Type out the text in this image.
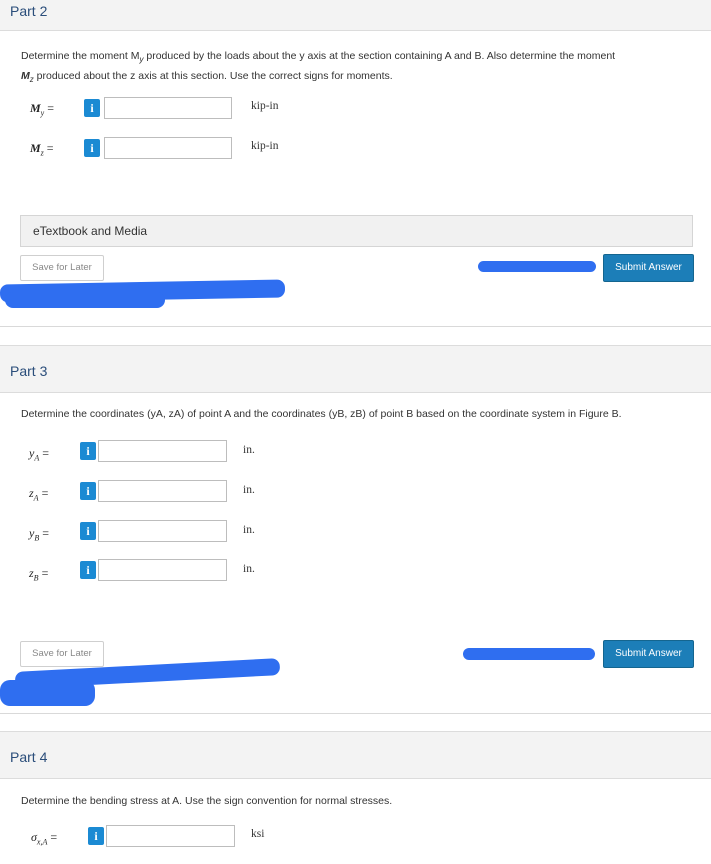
Part 2
Determine the moment $M_y$ produced by the loads about the y axis at the section containing A and B. Also determine the moment
$M_z$ produced about the z axis at this section. Use the correct signs for moments.
$M_y$ =	i	kip-in
$M_z$ =	i	kip-in
eTextbook and Media
Save for Later	Submit Answer
Part 3
Determine the coordinates (yA, zA) of point A and the coordinates (yB, zB) of point B based on the coordinate system in Figure B.
$y_A$ =	i	in.
$z_A$ =	i	in.
$y_B$ =	i	in.
$z_B$ =	i	in.
Save for Later	Submit Answer
Part 4
Determine the bending stress at A. Use the sign convention for normal stresses.
$\sigma_{x,A}$ =	i	ksi
